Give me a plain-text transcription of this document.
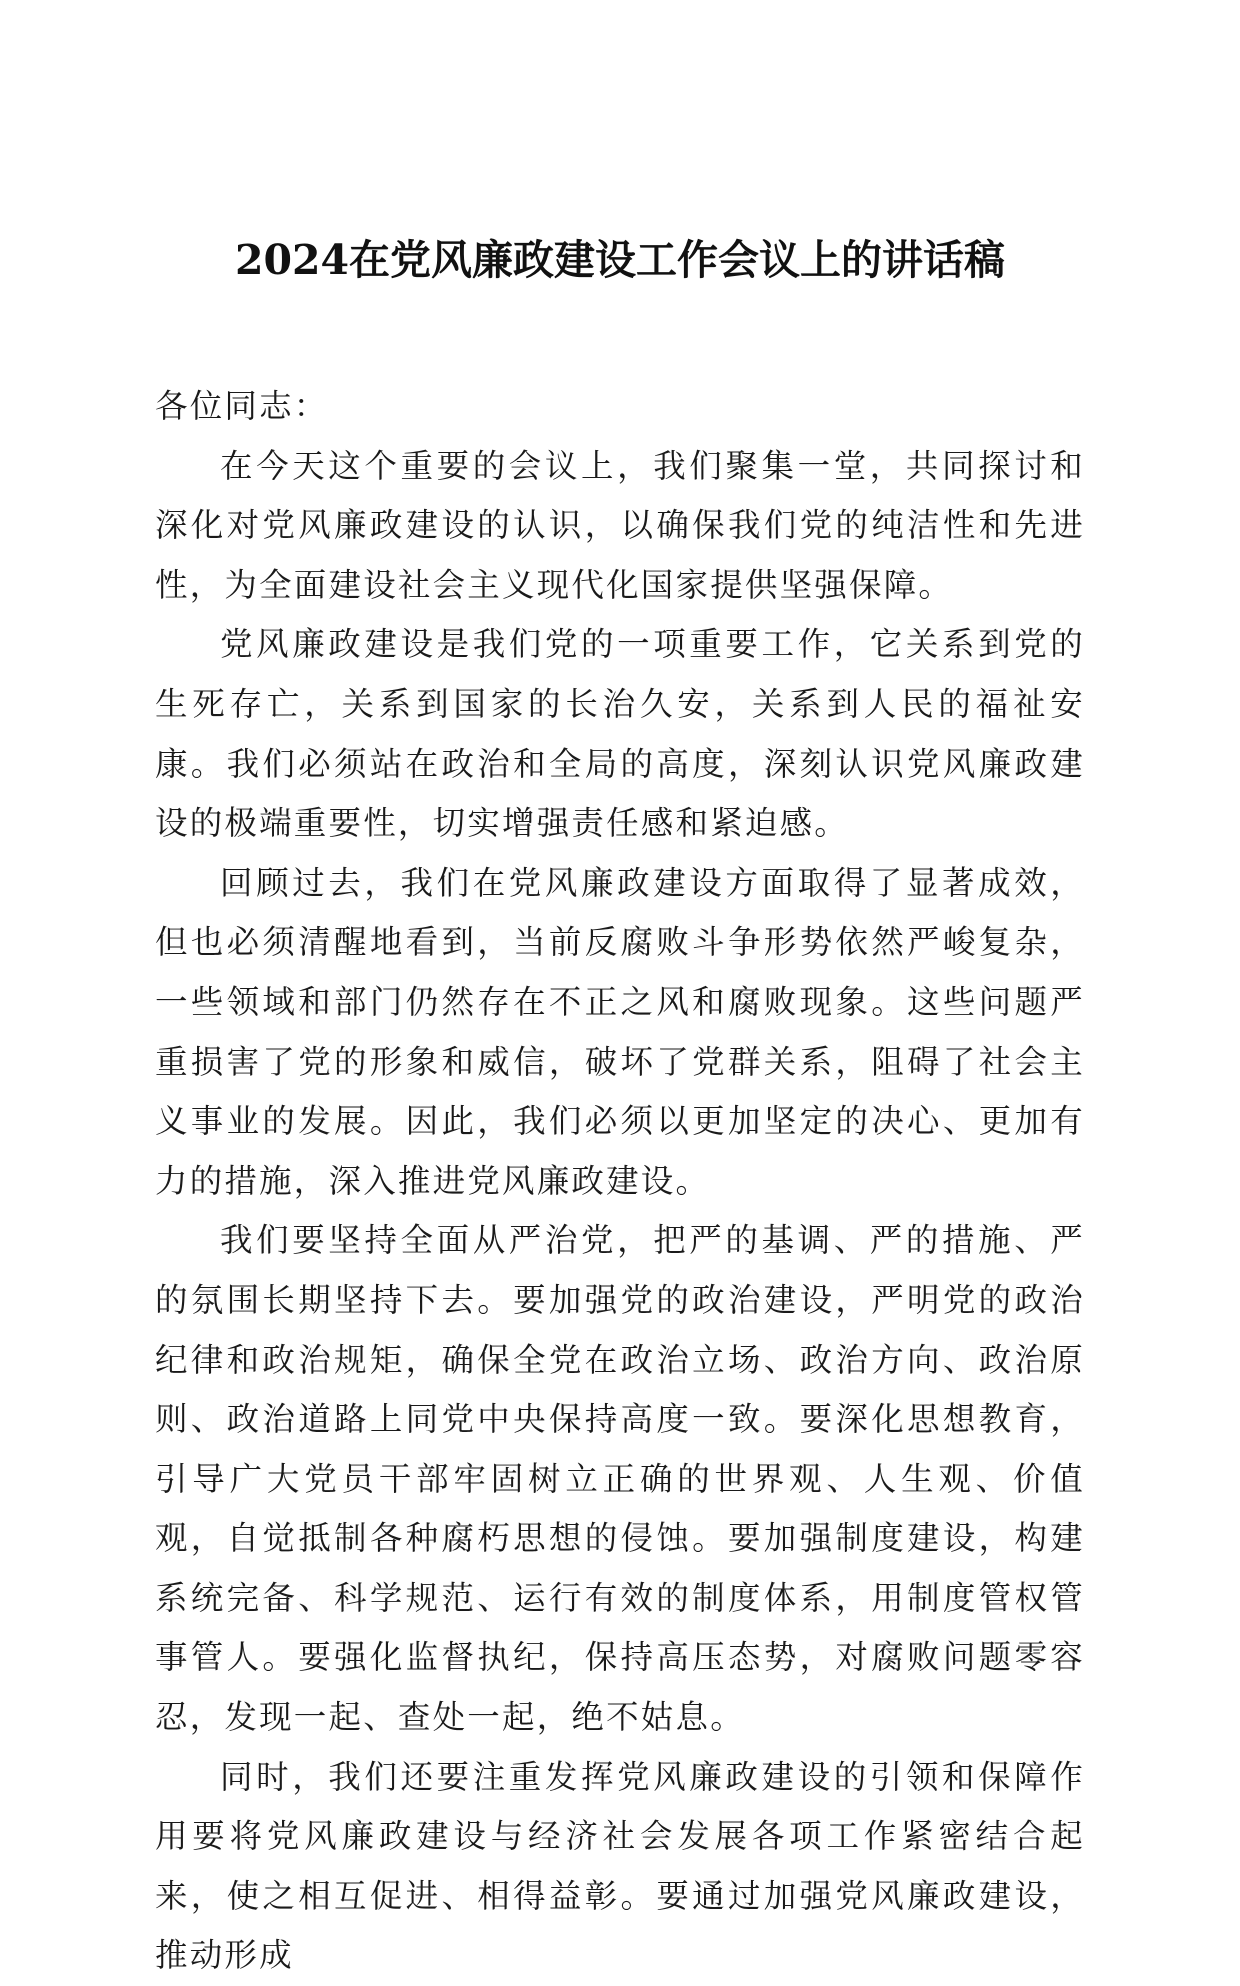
2024在党风廉政建设工作会议上的讲话稿

各位同志：

在今天这个重要的会议上，我们聚集一堂，共同探讨和深化对党风廉政建设的认识，以确保我们党的纯洁性和先进性，为全面建设社会主义现代化国家提供坚强保障。

党风廉政建设是我们党的一项重要工作，它关系到党的生死存亡，关系到国家的长治久安，关系到人民的福祉安康。我们必须站在政治和全局的高度，深刻认识党风廉政建设的极端重要性，切实增强责任感和紧迫感。

回顾过去，我们在党风廉政建设方面取得了显著成效，但也必须清醒地看到，当前反腐败斗争形势依然严峻复杂，一些领域和部门仍然存在不正之风和腐败现象。这些问题严重损害了党的形象和威信，破坏了党群关系，阻碍了社会主义事业的发展。因此，我们必须以更加坚定的决心、更加有力的措施，深入推进党风廉政建设。

我们要坚持全面从严治党，把严的基调、严的措施、严的氛围长期坚持下去。要加强党的政治建设，严明党的政治纪律和政治规矩，确保全党在政治立场、政治方向、政治原则、政治道路上同党中央保持高度一致。要深化思想教育，引导广大党员干部牢固树立正确的世界观、人生观、价值观，自觉抵制各种腐朽思想的侵蚀。要加强制度建设，构建系统完备、科学规范、运行有效的制度体系，用制度管权管事管人。要强化监督执纪，保持高压态势，对腐败问题零容忍，发现一起、查处一起，绝不姑息。

同时，我们还要注重发挥党风廉政建设的引领和保障作用要将党风廉政建设与经济社会发展各项工作紧密结合起来，使之相互促进、相得益彰。要通过加强党风廉政建设，推动形成
